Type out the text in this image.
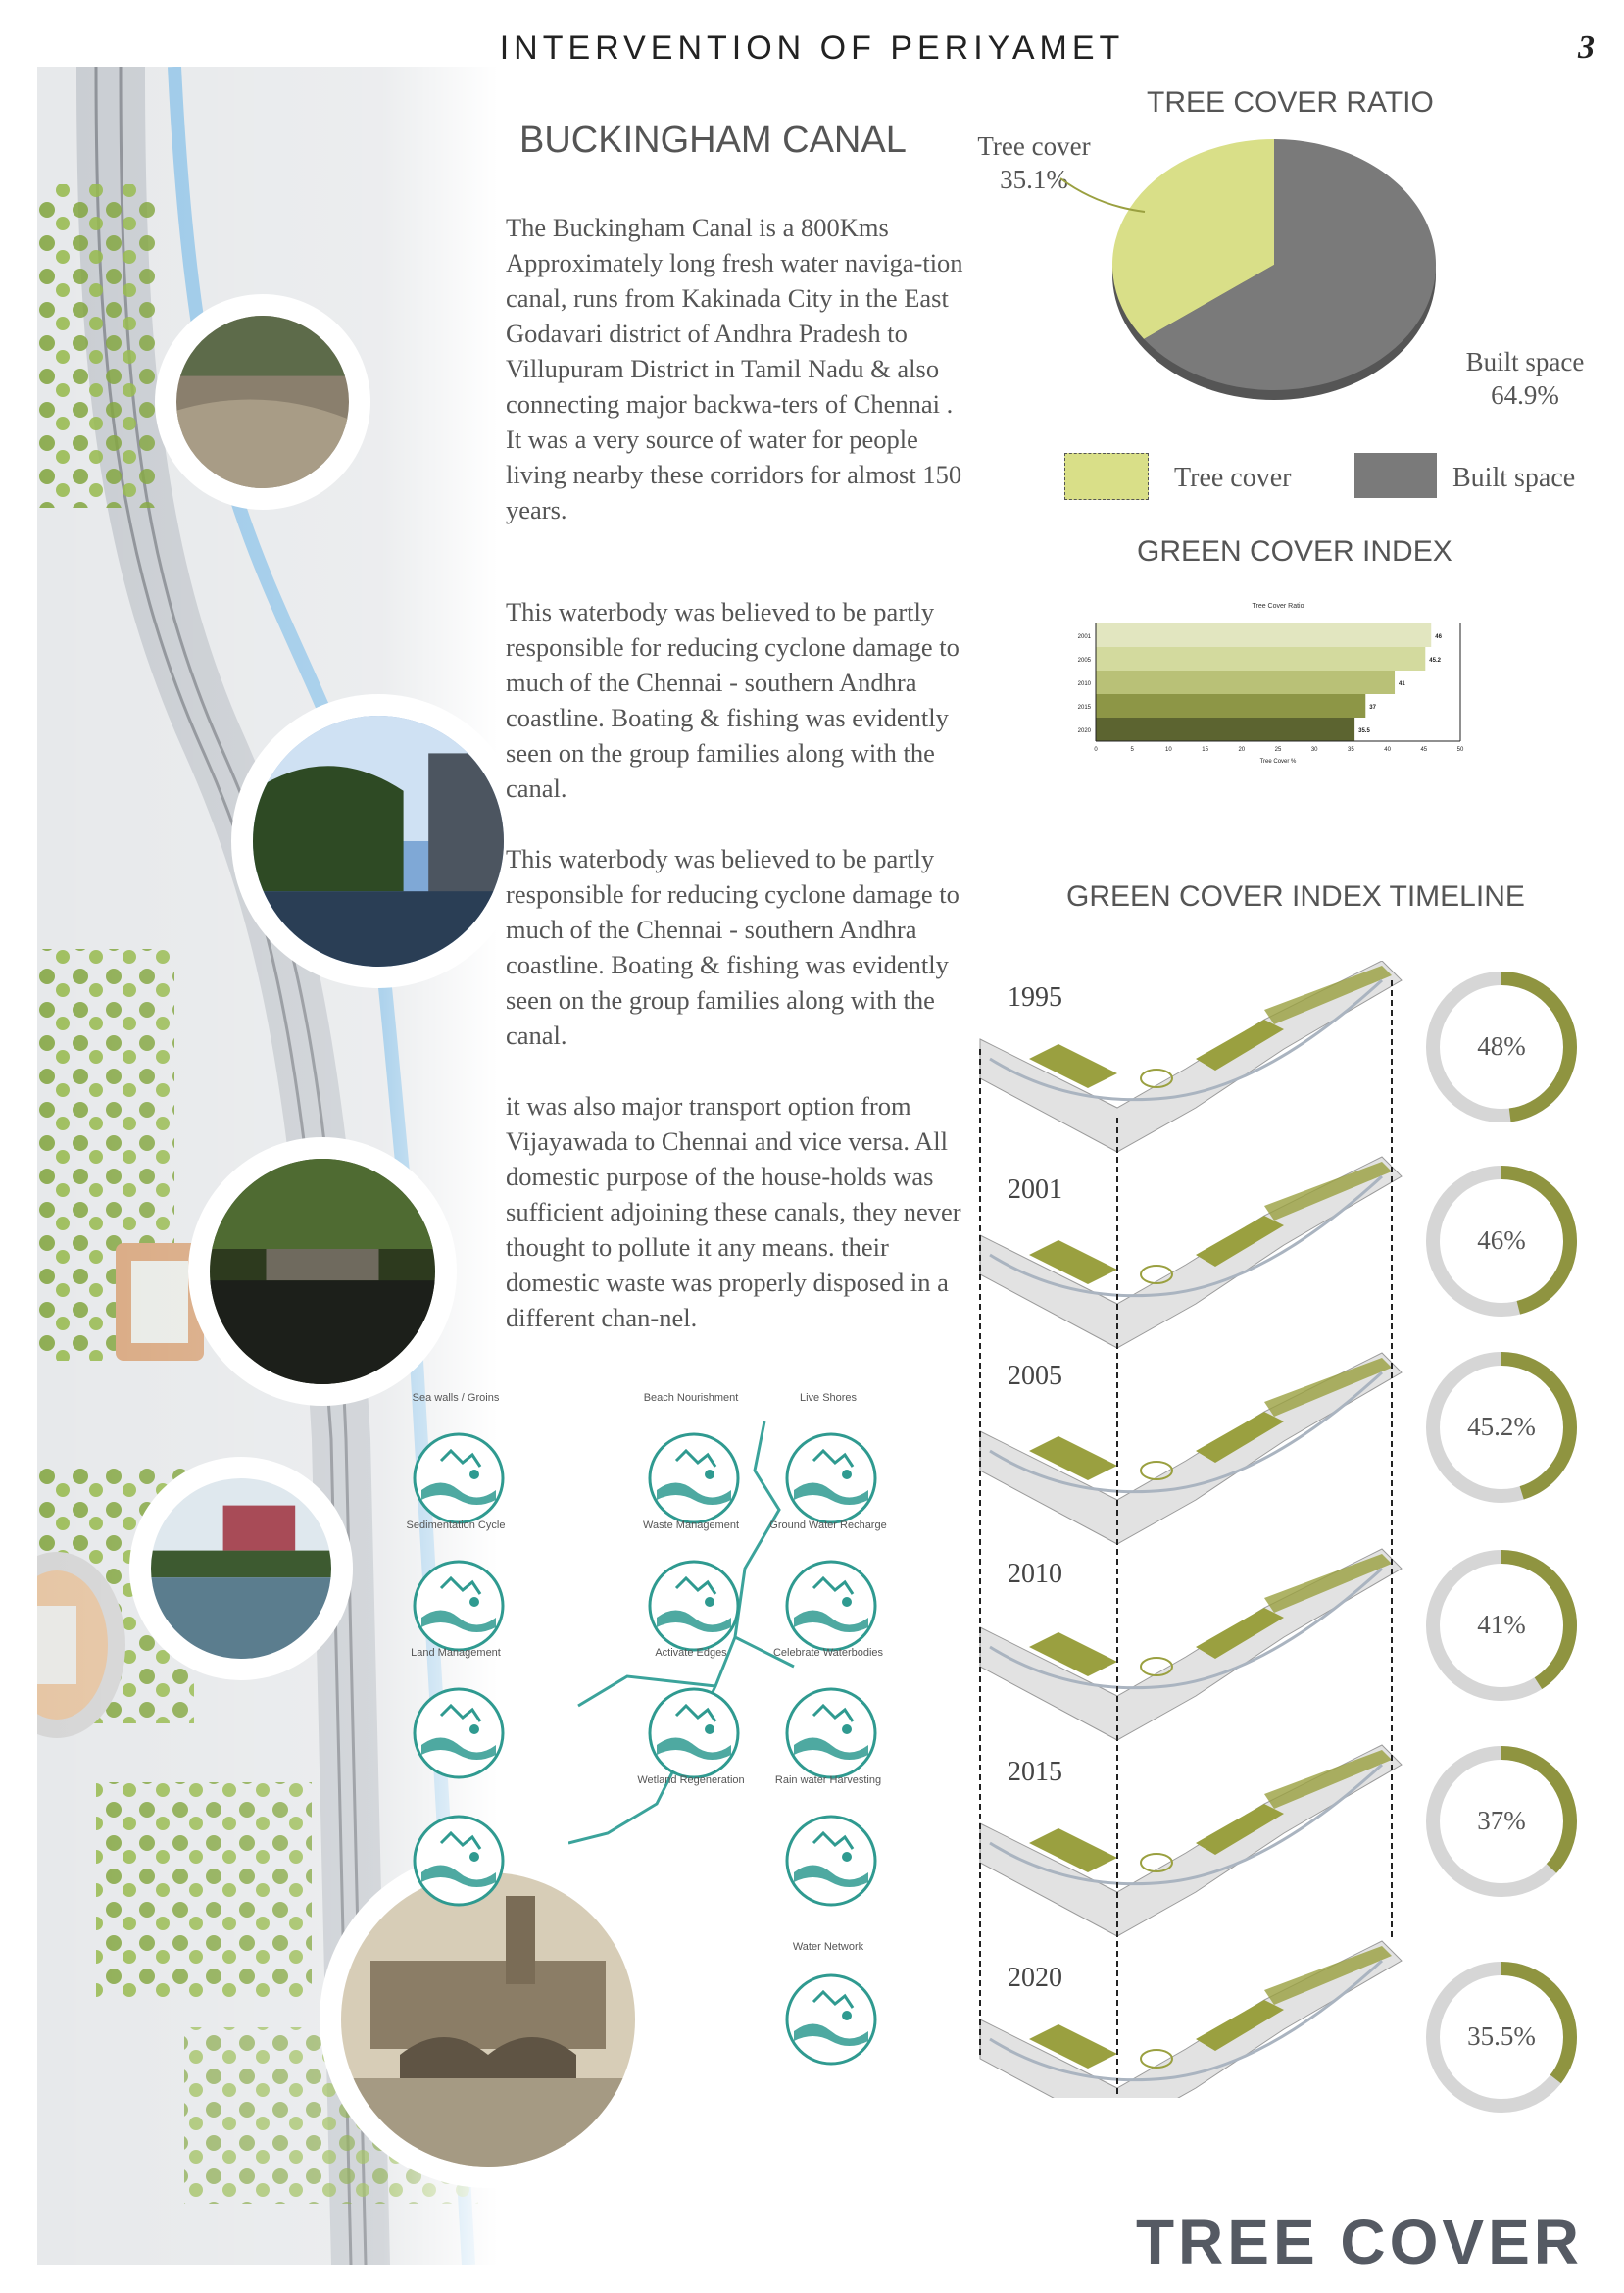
INTERVENTION OF PERIYAMET	3
BUCKINGHAM CANAL
The Buckingham Canal is a 800Kms Approximately long fresh water naviga-tion canal, runs from Kakinada City in the East Godavari district of Andhra Pradesh to Villupuram District in Tamil Nadu & also connecting major backwa-ters of Chennai . It was a very source of water for people living nearby these corridors for almost 150 years.
This waterbody was believed to be partly responsible for reducing cyclone damage to much of the Chennai - southern Andhra coastline. Boating & fishing was evidently seen on the group families along with the canal.
This waterbody was believed to be partly responsible for reducing cyclone damage to much of the Chennai - southern Andhra coastline. Boating & fishing was evidently seen on the group families along with the canal.
it was also major transport option from Vijayawada to Chennai and vice versa. All domestic purpose of the house-holds was sufficient adjoining these canals, they never thought to pollute it any means. their domestic waste was properly disposed in a different chan-nel.
Sea walls / Groins	Beach Nourishment	Live Shores
Sedimentation Cycle	Waste Management	Ground Water Recharge
Land Management	Activate Edges	Celebrate Waterbodies
Wetland Regeneration	Rain water Harvesting
Water Network
TREE COVER RATIO
Tree cover
35.1%
Built space
64.9%
Tree cover	Built space
GREEN COVER INDEX
Tree Cover Ratio
2001	46
2005	45.2
2010	41
2015	37
2020	35.5
0	5	10	15	20	25	30	35	40	45	50
Tree Cover %
GREEN COVER INDEX TIMELINE
1995
48%
2001
46%
2005
45.2%
2010
41%
2015
37%
2020
35.5%
TREE COVER
